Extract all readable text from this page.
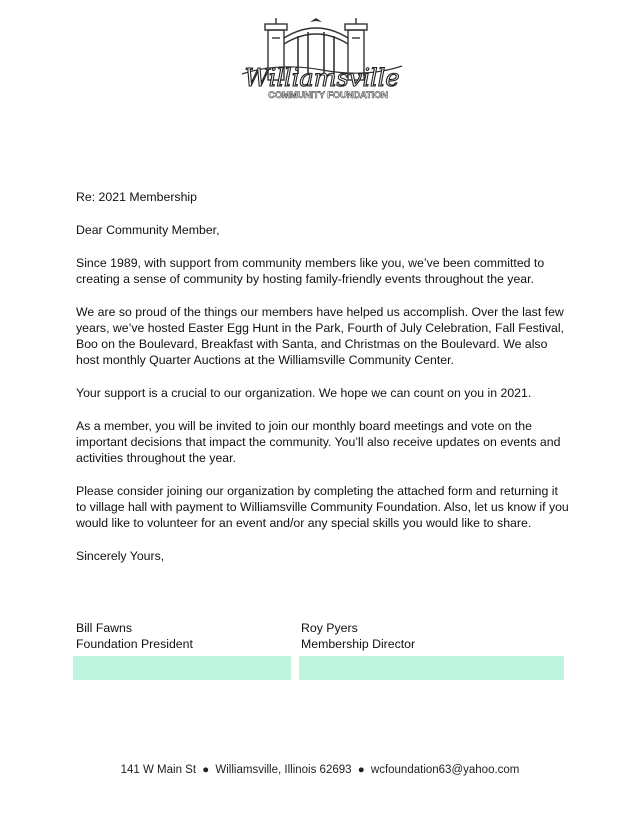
Williamsville
COMMUNITY FOUNDATION

Re: 2021 Membership

Dear Community Member,

Since 1989, with support from community members like you, we’ve been committed to creating a sense of community by hosting family-friendly events throughout the year.

We are so proud of the things our members have helped us accomplish. Over the last few years, we’ve hosted Easter Egg Hunt in the Park, Fourth of July Celebration, Fall Festival, Boo on the Boulevard, Breakfast with Santa, and Christmas on the Boulevard. We also host monthly Quarter Auctions at the Williamsville Community Center.

Your support is a crucial to our organization. We hope we can count on you in 2021.

As a member, you will be invited to join our monthly board meetings and vote on the important decisions that impact the community. You’ll also receive updates on events and activities throughout the year.

Please consider joining our organization by completing the attached form and returning it to village hall with payment to Williamsville Community Foundation. Also, let us know if you would like to volunteer for an event and/or any special skills you would like to share.

Sincerely Yours,

Bill Fawns
Foundation President
Roy Pyers
Membership Director
141 W Main St ● Williamsville, Illinois 62693 ● wcfoundation63@yahoo.com
